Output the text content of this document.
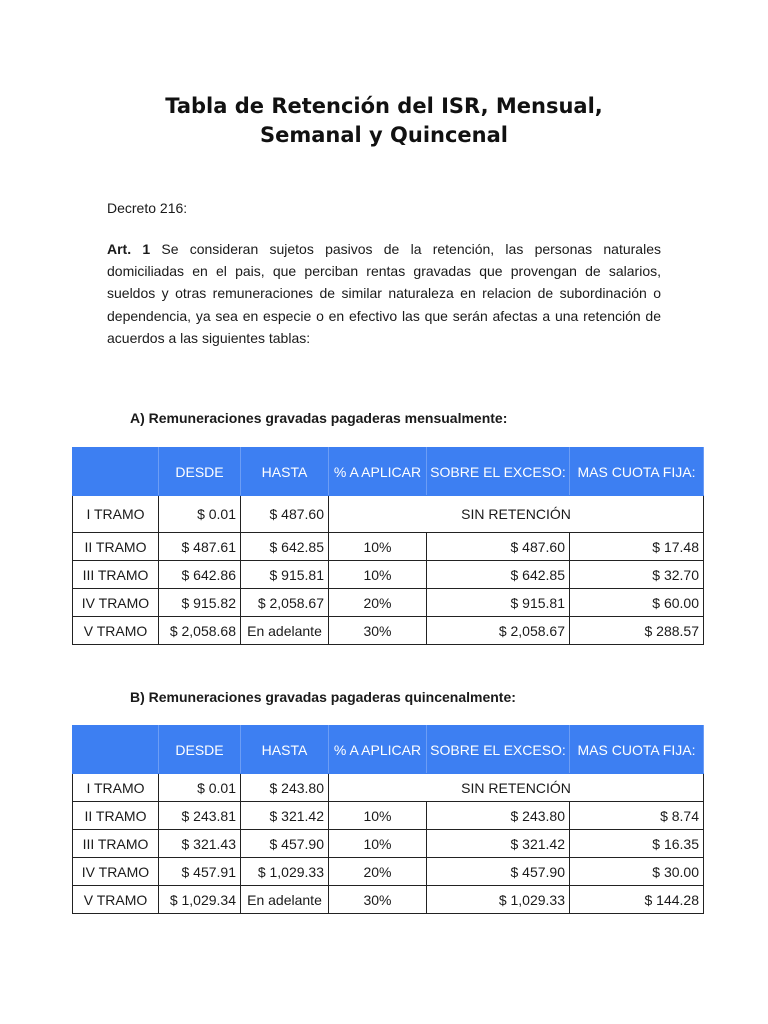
Tabla de Retención del ISR, Mensual,
Semanal y Quincenal
Decreto 216:
Art. 1 Se consideran sujetos pasivos de la retención, las personas naturales domiciliadas en el pais, que perciban rentas gravadas que provengan de salarios, sueldos y otras remuneraciones de similar naturaleza en relacion de subordinación o dependencia, ya sea en especie o en efectivo las que serán afectas a una retención de acuerdos a las siguientes tablas:
A) Remuneraciones gravadas pagaderas mensualmente:
	DESDE	HASTA	% A APLICAR	SOBRE EL EXCESO:	MAS CUOTA FIJA:
I TRAMO	$ 0.01	$ 487.60	SIN RETENCIÓN		
II TRAMO	$ 487.61	$ 642.85	10%	$ 487.60	$ 17.48
III TRAMO	$ 642.86	$ 915.81	10%	$ 642.85	$ 32.70
IV TRAMO	$ 915.82	$ 2,058.67	20%	$ 915.81	$ 60.00
V TRAMO	$ 2,058.68	En adelante	30%	$ 2,058.67	$ 288.57
B) Remuneraciones gravadas pagaderas quincenalmente:
	DESDE	HASTA	% A APLICAR	SOBRE EL EXCESO:	MAS CUOTA FIJA:
I TRAMO	$ 0.01	$ 243.80	SIN RETENCIÓN		
II TRAMO	$ 243.81	$ 321.42	10%	$ 243.80	$ 8.74
III TRAMO	$ 321.43	$ 457.90	10%	$ 321.42	$ 16.35
IV TRAMO	$ 457.91	$ 1,029.33	20%	$ 457.90	$ 30.00
V TRAMO	$ 1,029.34	En adelante	30%	$ 1,029.33	$ 144.28
